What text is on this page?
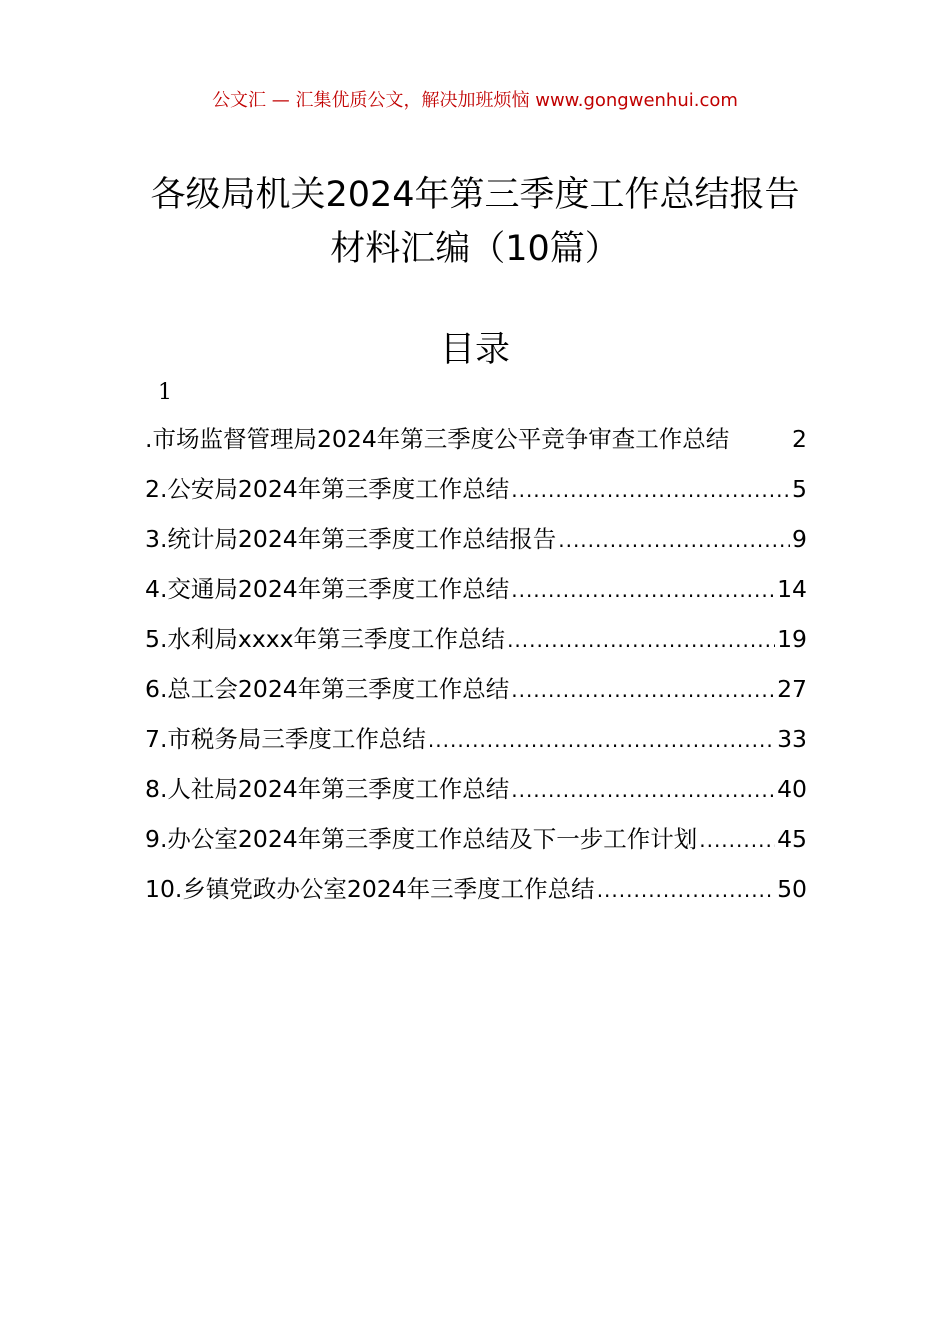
公文汇 — 汇集优质公文，解决加班烦恼 www.gongwenhui.com
各级局机关2024年第三季度工作总结报告
材料汇编（10篇）
目录
1
.市场监督管理局2024年第三季度公平竞争审查工作总结	2
2.公安局2024年第三季度工作总结 .....	5
3.统计局2024年第三季度工作总结报告 .....	9
4.交通局2024年第三季度工作总结 .....	14
5.水利局xxxx年第三季度工作总结 .....	19
6.总工会2024年第三季度工作总结 .....	27
7.市税务局三季度工作总结 .....	33
8.人社局2024年第三季度工作总结 .....	40
9.办公室2024年第三季度工作总结及下一步工作计划 .....	45
10.乡镇党政办公室2024年三季度工作总结 .....	50
